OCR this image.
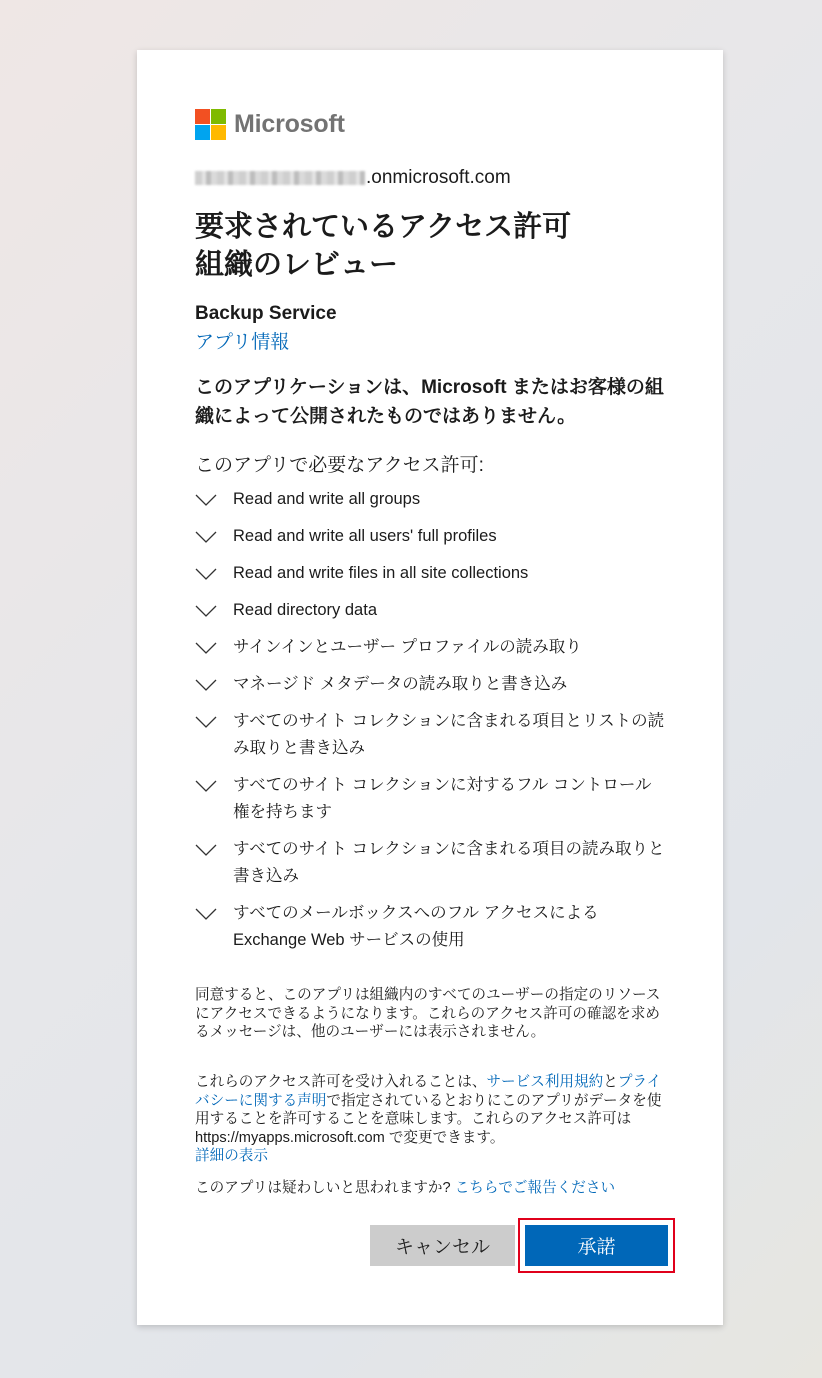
Microsoft
.onmicrosoft.com
要求されているアクセス許可
組織のレビュー
Backup Service
アプリ情報
このアプリケーションは、Microsoft またはお客様の組織によって公開されたものではありません。
このアプリで必要なアクセス許可:
Read and write all groups
Read and write all users' full profiles
Read and write files in all site collections
Read directory data
サインインとユーザー プロファイルの読み取り
マネージド メタデータの読み取りと書き込み
すべてのサイト コレクションに含まれる項目とリストの読み取りと書き込み
すべてのサイト コレクションに対するフル コントロール権を持ちます
すべてのサイト コレクションに含まれる項目の読み取りと書き込み
すべてのメールボックスへのフル アクセスによる Exchange Web サービスの使用
同意すると、このアプリは組織内のすべてのユーザーの指定のリソースにアクセスできるようになります。これらのアクセス許可の確認を求めるメッセージは、他のユーザーには表示されません。
これらのアクセス許可を受け入れることは、サービス利用規約とプライバシーに関する声明で指定されているとおりにこのアプリがデータを使用することを許可することを意味します。これらのアクセス許可は https://myapps.microsoft.com で変更できます。
詳細の表示
このアプリは疑わしいと思われますか? こちらでご報告ください
キャンセル	承諾
